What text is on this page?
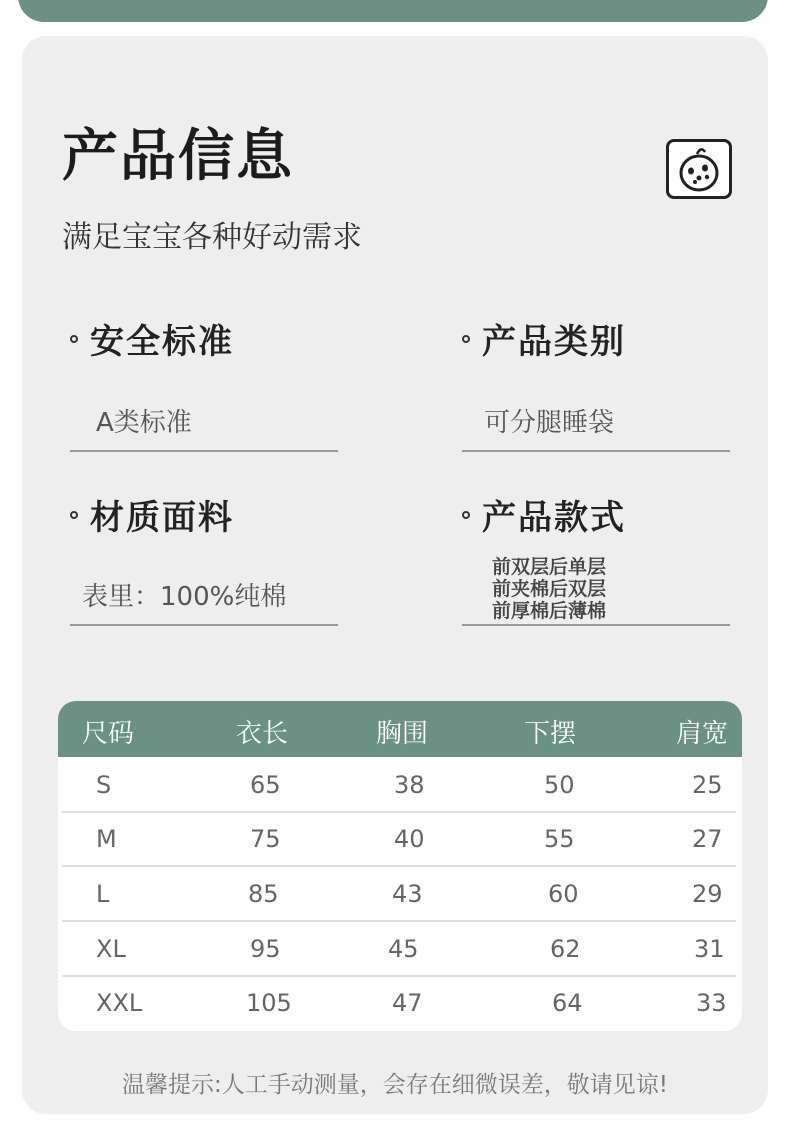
产品信息
满足宝宝各种好动需求
安全标准
A类标准
产品类别
可分腿睡袋
材质面料
表里：100%纯棉
产品款式
前双层后单层
前夹棉后双层
前厚棉后薄棉
尺码	衣长	胸围	下摆	肩宽
S	65	38	50	25
M	75	40	55	27
L	85	43	60	29
XL	95	45	62	31
XXL	105	47	64	33
温馨提示:人工手动测量，会存在细微误差，敬请见谅!
